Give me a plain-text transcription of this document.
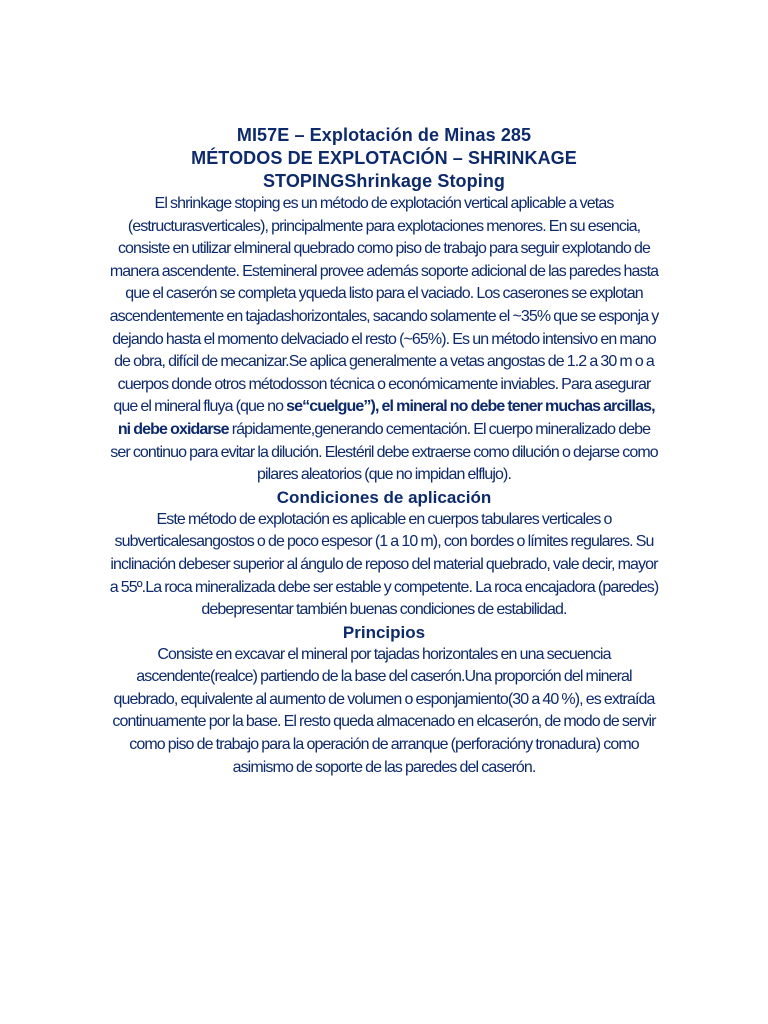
MI57E – Explotación de Minas 285

MÉTODOS DE EXPLOTACIÓN – SHRINKAGE

STOPINGShrinkage Stoping

El shrinkage stoping es un método de explotación vertical aplicable a vetas (estructurasverticales), principalmente para explotaciones menores. En su esencia, consiste en utilizar elmineral quebrado como piso de trabajo para seguir explotando de manera ascendente. Estemineral provee además soporte adicional de las paredes hasta que el caserón se completa yqueda listo para el vaciado. Los caserones se explotan ascendentemente en tajadashorizontales, sacando solamente el ~35% que se esponja y dejando hasta el momento delvaciado el resto (~65%). Es un método intensivo en mano de obra, difícil de mecanizar.Se aplica generalmente a vetas angostas de 1.2 a 30 m o a cuerpos donde otros métodosson técnica o económicamente inviables. Para asegurar que el mineral fluya (que no se“cuelgue”), el mineral no debe tener muchas arcillas, ni debe oxidarse rápidamente,generando cementación. El cuerpo mineralizado debe ser continuo para evitar la dilución. Elestéril debe extraerse como dilución o dejarse como pilares aleatorios (que no impidan elflujo).

Condiciones de aplicación

Este método de explotación es aplicable en cuerpos tabulares verticales o subverticalesangostos o de poco espesor (1 a 10 m), con bordes o límites regulares. Su inclinación debeser superior al ángulo de reposo del material quebrado, vale decir, mayor a 55º.La roca mineralizada debe ser estable y competente. La roca encajadora (paredes) debepresentar también buenas condiciones de estabilidad.

Principios

Consiste en excavar el mineral por tajadas horizontales en una secuencia ascendente(realce) partiendo de la base del caserón.Una proporción del mineral quebrado, equivalente al aumento de volumen o esponjamiento(30 a 40 %), es extraída continuamente por la base. El resto queda almacenado en elcaserón, de modo de servir como piso de trabajo para la operación de arranque (perforacióny tronadura) como asimismo de soporte de las paredes del caserón.
